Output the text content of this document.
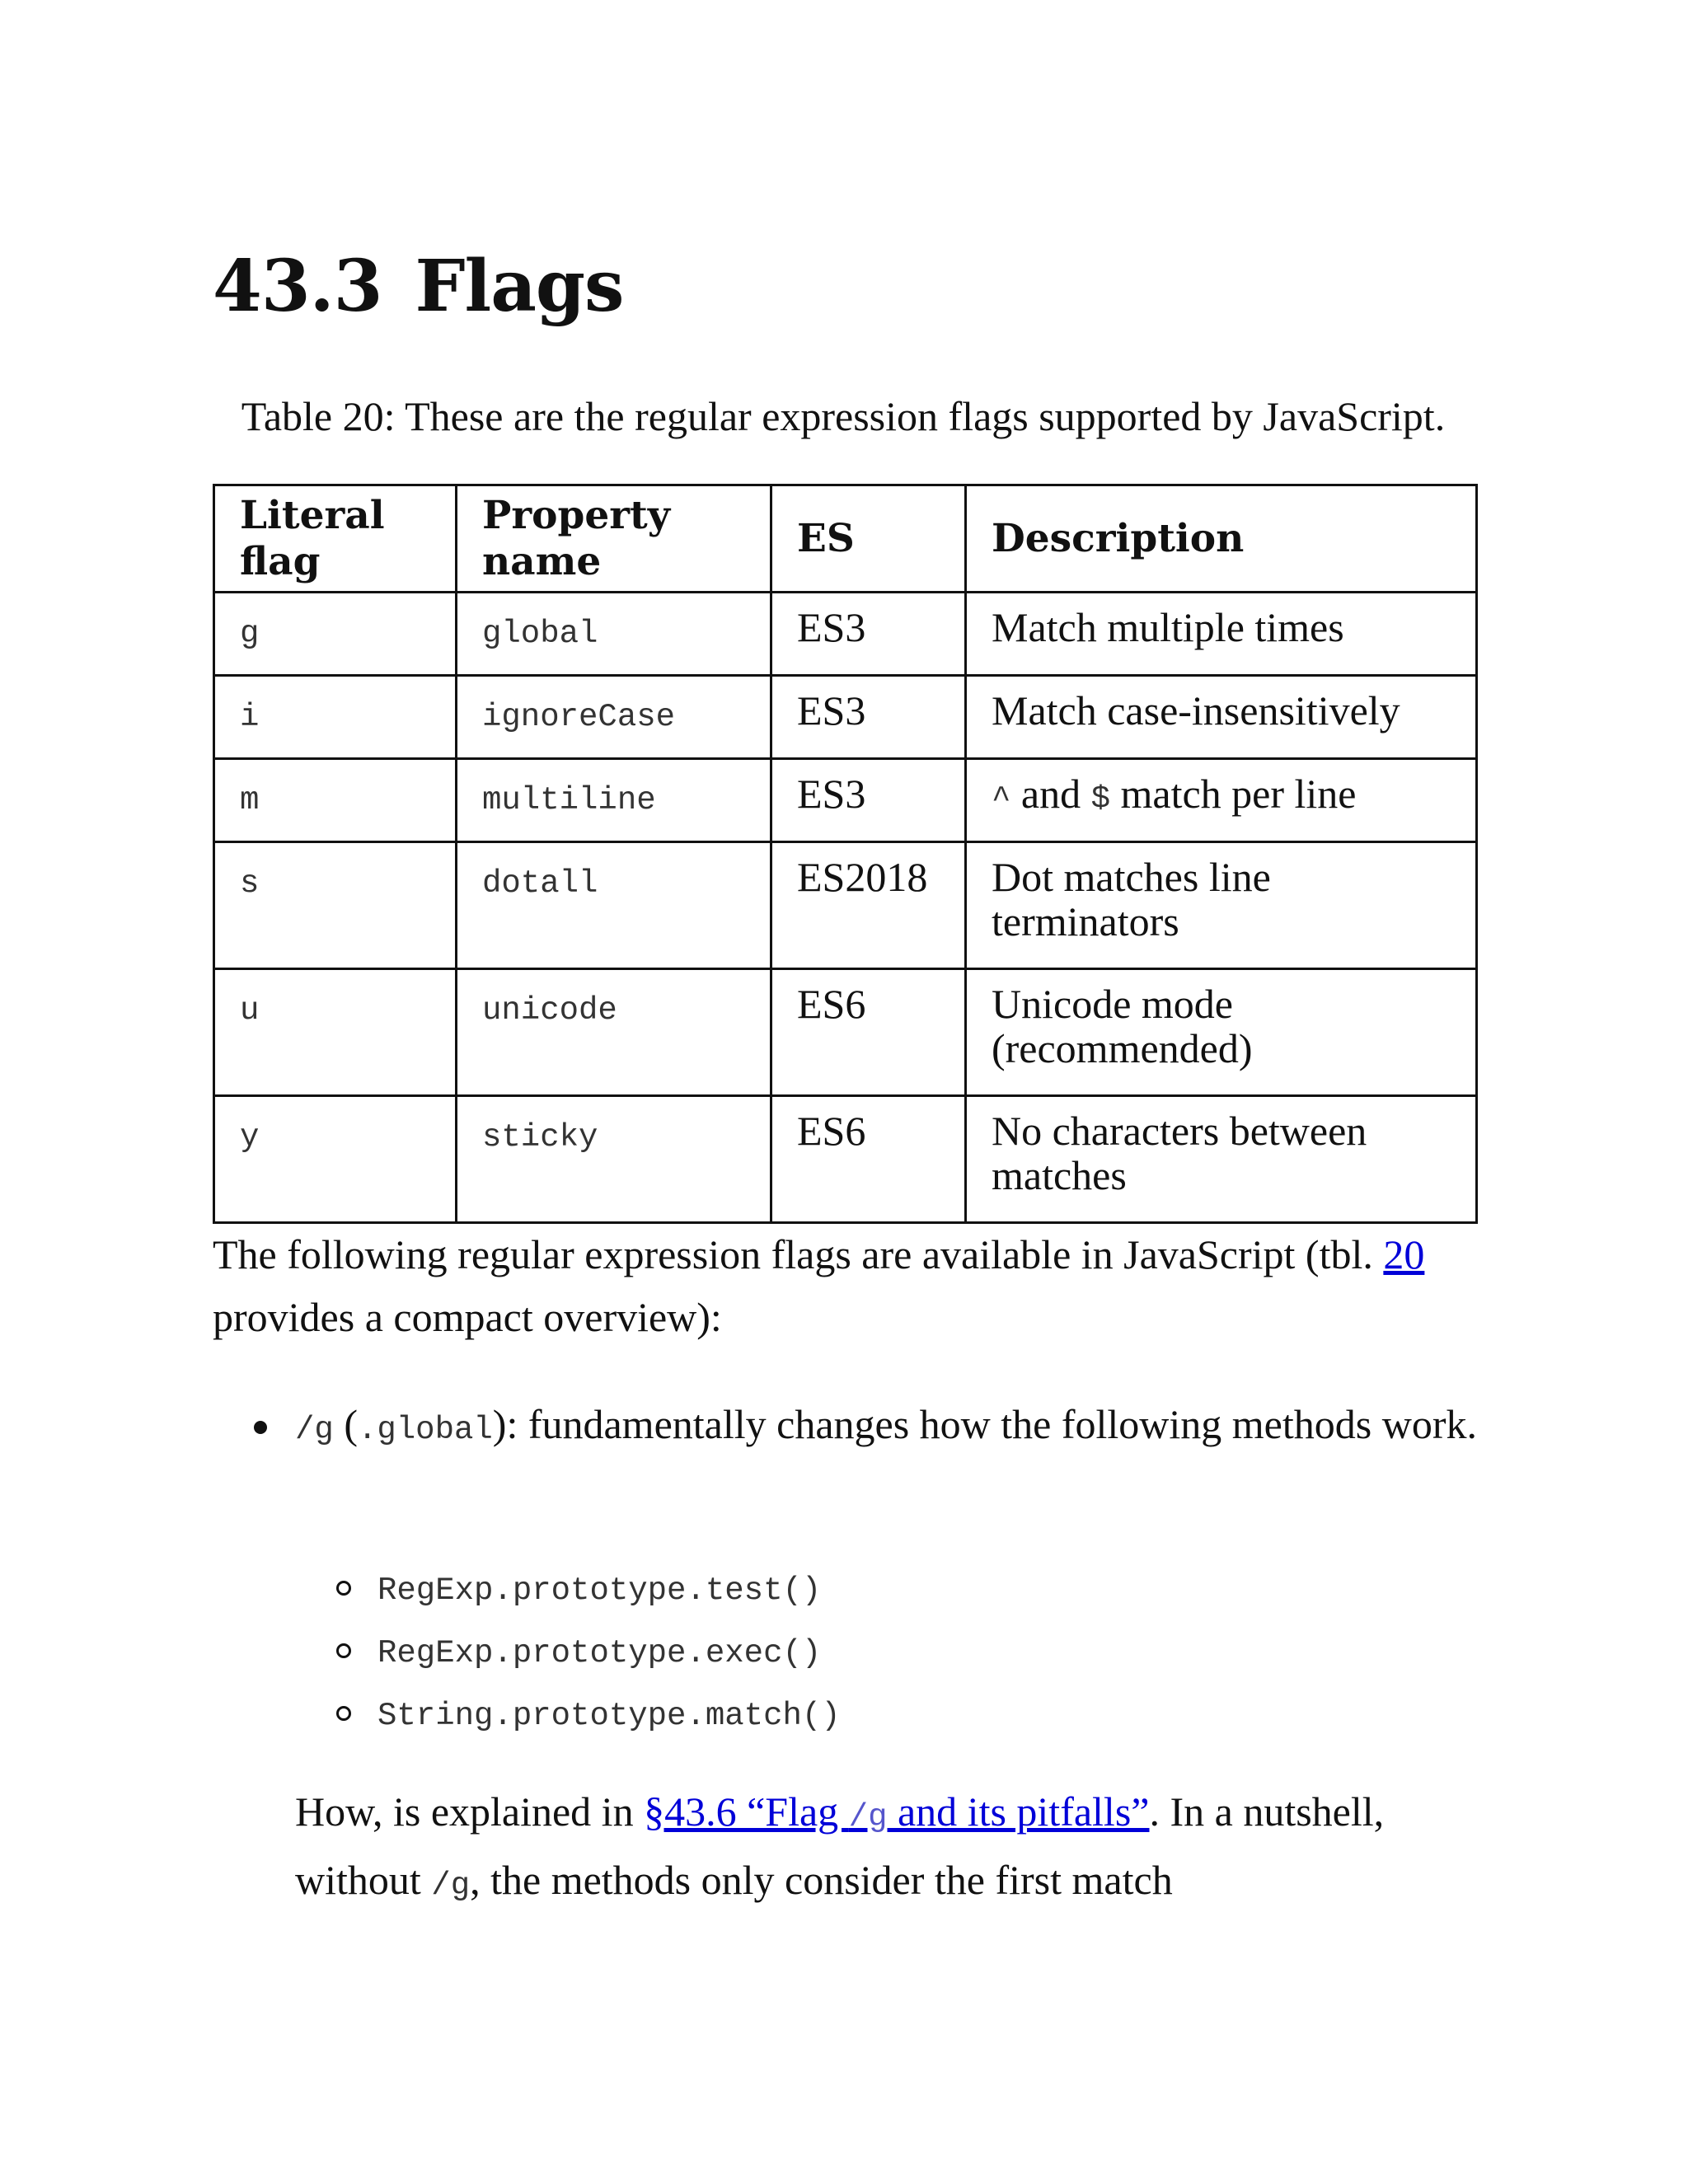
43.3 Flags
Table 20: These are the regular expression flags supported by JavaScript.
Literal flag	Property name	ES	Description
g	global	ES3	Match multiple times
i	ignoreCase	ES3	Match case-insensitively
m	multiline	ES3	^ and $ match per line
s	dotall	ES2018	Dot matches line terminators
u	unicode	ES6	Unicode mode (recommended)
y	sticky	ES6	No characters between matches

The following regular expression flags are available in JavaScript (tbl. 20 provides a compact overview):

/g (.global): fundamentally changes how the following methods work.
RegExp.prototype.test()
RegExp.prototype.exec()
String.prototype.match()

How, is explained in §43.6 “Flag /g and its pitfalls”. In a nutshell, without /g, the methods only consider the first match
